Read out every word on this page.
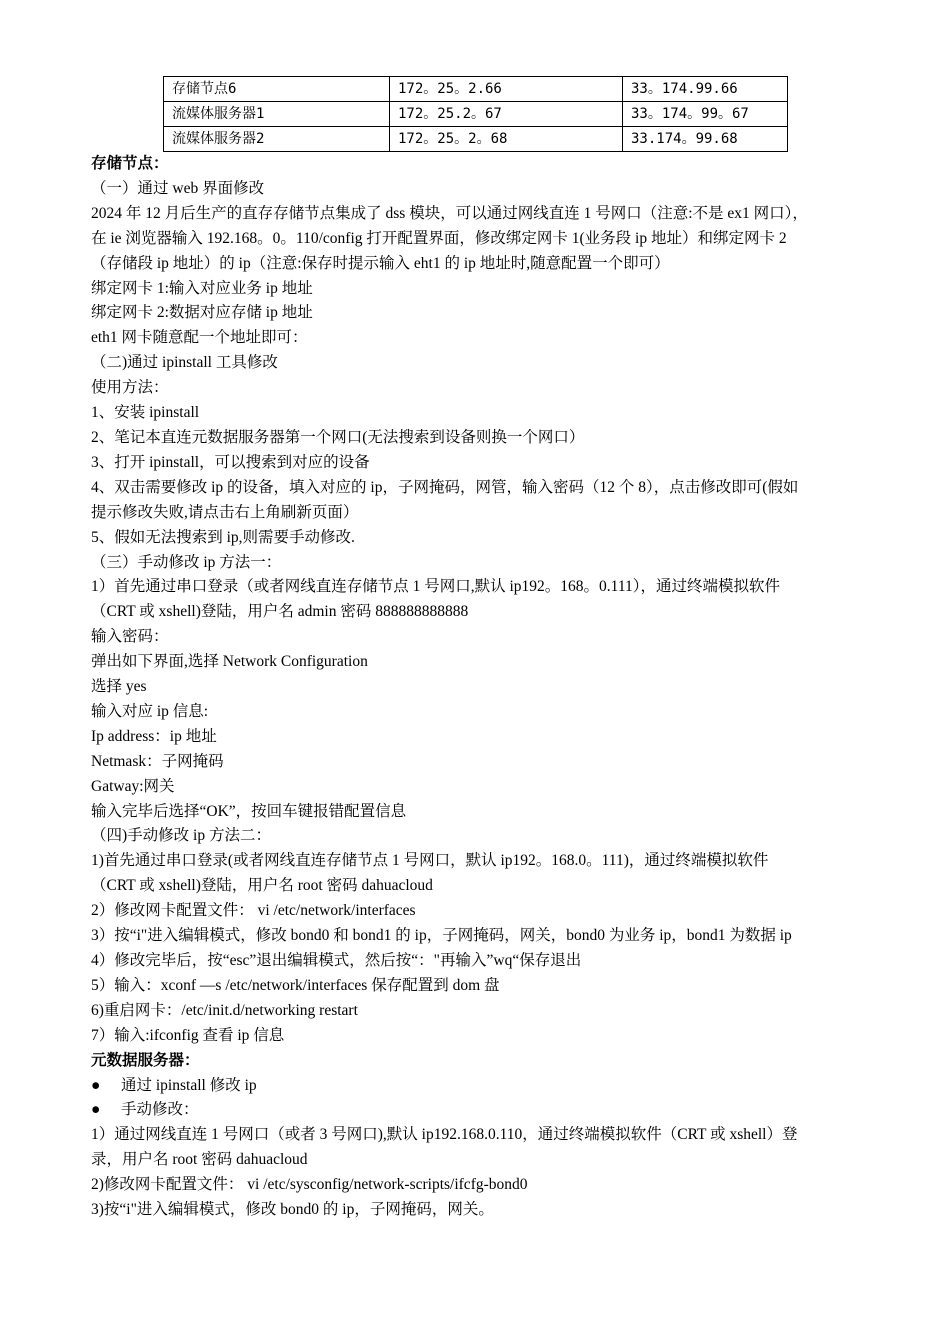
存储节点6	172。25。2.66	33。174.99.66
流媒体服务器1	172。25.2。67	33。174。99。67
流媒体服务器2	172。25。2。68	33.174。99.68
存储节点：
（一）通过 web 界面修改
2024 年 12 月后生产的直存存储节点集成了 dss 模块，可以通过网线直连 1 号网口（注意:不是 ex1 网口），
在 ie 浏览器输入 192.168。0。110/config 打开配置界面，修改绑定网卡 1(业务段 ip 地址）和绑定网卡 2
（存储段 ip 地址）的 ip（注意:保存时提示输入 eht1 的 ip 地址时,随意配置一个即可）
绑定网卡 1:输入对应业务 ip 地址
绑定网卡 2:数据对应存储 ip 地址
eth1 网卡随意配一个地址即可：
（二)通过 ipinstall 工具修改
使用方法：
1、安装 ipinstall
2、笔记本直连元数据服务器第一个网口(无法搜索到设备则换一个网口）
3、打开 ipinstall，可以搜索到对应的设备
4、双击需要修改 ip 的设备，填入对应的 ip，子网掩码，网管，输入密码（12 个 8），点击修改即可(假如
提示修改失败,请点击右上角刷新页面）
5、假如无法搜索到 ip,则需要手动修改.
（三）手动修改 ip 方法一：
1）首先通过串口登录（或者网线直连存储节点 1 号网口,默认 ip192。168。0.111），通过终端模拟软件
（CRT 或 xshell)登陆，用户名 admin 密码 888888888888
输入密码：
弹出如下界面,选择 Network Configuration
选择 yes
输入对应 ip 信息:
Ip address：ip 地址
Netmask：子网掩码
Gatway:网关
输入完毕后选择“OK”，按回车键报错配置信息
（四)手动修改 ip 方法二：
1)首先通过串口登录(或者网线直连存储节点 1 号网口，默认 ip192。168.0。111)，通过终端模拟软件
（CRT 或 xshell)登陆，用户名 root 密码 dahuacloud
2）修改网卡配置文件： vi /etc/network/interfaces
3）按“i"进入编辑模式，修改 bond0 和 bond1 的 ip，子网掩码，网关，bond0 为业务 ip，bond1 为数据 ip
4）修改完毕后，按“esc”退出编辑模式，然后按“："再输入”wq“保存退出
5）输入：xconf —s /etc/network/interfaces 保存配置到 dom 盘
6)重启网卡：/etc/init.d/networking restart
7）输入:ifconfig 查看 ip 信息
元数据服务器：
● 通过 ipinstall 修改 ip
● 手动修改：
1）通过网线直连 1 号网口（或者 3 号网口),默认 ip192.168.0.110，通过终端模拟软件（CRT 或 xshell）登
录，用户名 root 密码 dahuacloud
2)修改网卡配置文件： vi /etc/sysconfig/network-scripts/ifcfg-bond0
3)按“i"进入编辑模式，修改 bond0 的 ip，子网掩码，网关。
